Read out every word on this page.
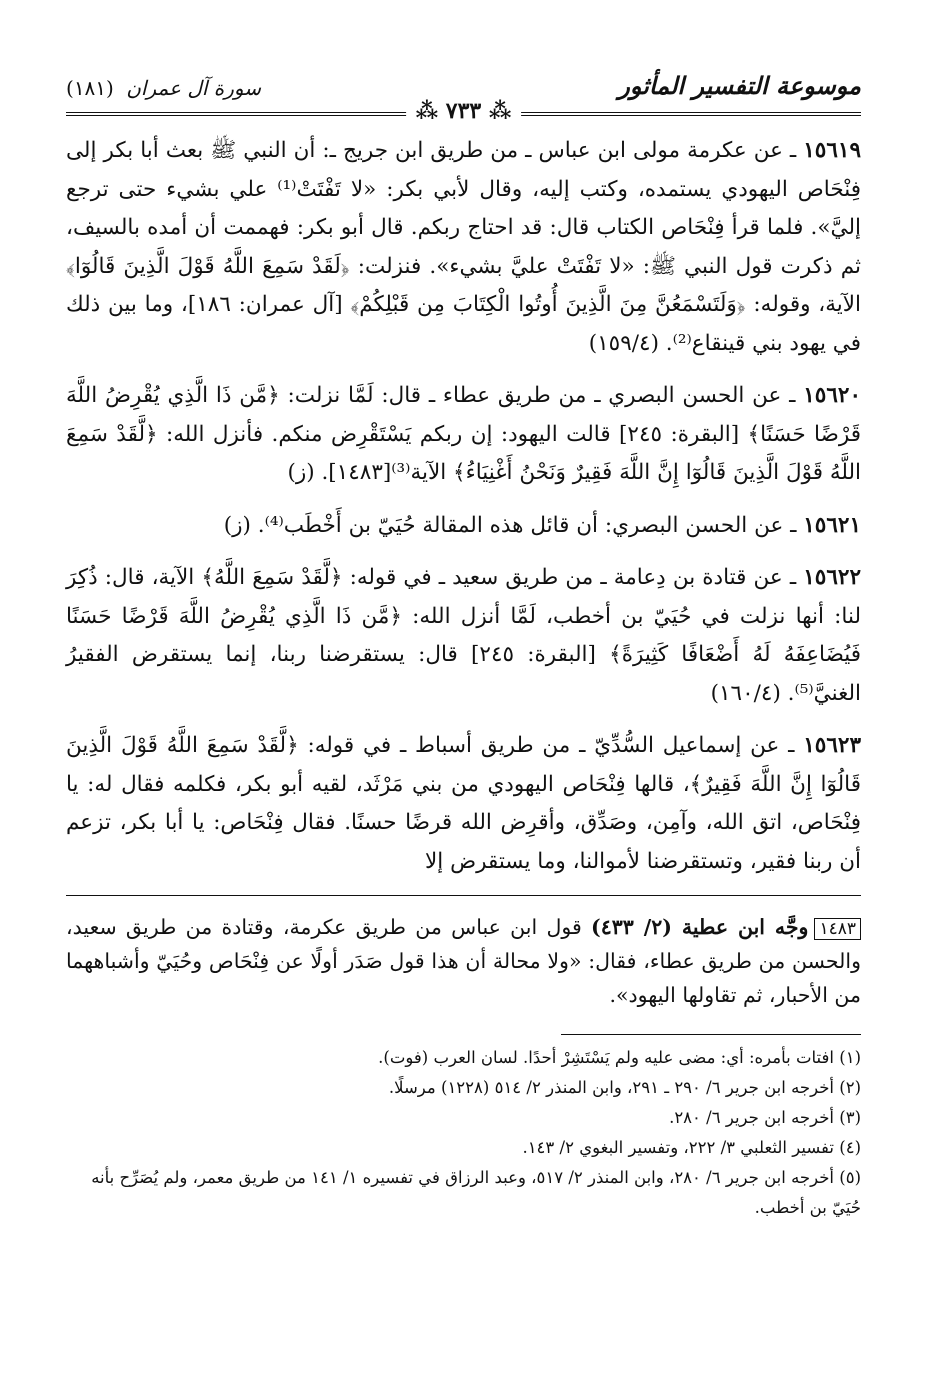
موسوعة التفسير المأثور
سورة آل عمران (١٨١)
⁂ ٧٣٣ ⁂

١٥٦١٩ ـ عن عكرمة مولى ابن عباس ـ من طريق ابن جريج ـ: أن النبي ﷺ بعث أبا بكر إلى فِنْحَاص اليهودي يستمده، وكتب إليه، وقال لأبي بكر: «لا تَفْتَتْ⁽¹⁾ علي بشيء حتى ترجع إليَّ». فلما قرأ فِنْحَاص الكتاب قال: قد احتاج ربكم. قال أبو بكر: فهممت أن أمده بالسيف، ثم ذكرت قول النبي ﷺ: «لا تَفْتَتْ عليَّ بشيء». فنزلت: ﴿لَقَدْ سَمِعَ اللَّهُ قَوْلَ الَّذِينَ قَالُوٓا﴾ الآية، وقوله: ﴿وَلَتَسْمَعُنَّ مِنَ الَّذِينَ أُوتُوا الْكِتَابَ مِن قَبْلِكُمْ﴾ [آل عمران: ١٨٦]، وما بين ذلك في يهود بني قينقاع⁽²⁾. (١٥٩/٤)

١٥٦٢٠ ـ عن الحسن البصري ـ من طريق عطاء ـ قال: لَمَّا نزلت: ﴿مَّن ذَا الَّذِي يُقْرِضُ اللَّهَ قَرْضًا حَسَنًا﴾ [البقرة: ٢٤٥] قالت اليهود: إن ربكم يَسْتَقْرِض منكم. فأنزل الله: ﴿لَّقَدْ سَمِعَ اللَّهُ قَوْلَ الَّذِينَ قَالُوٓا إِنَّ اللَّهَ فَقِيرٌ وَنَحْنُ أَغْنِيَاءُ﴾ الآية⁽³⁾[١٤٨٣]. (ز)

١٥٦٢١ ـ عن الحسن البصري: أن قائل هذه المقالة حُيَيّ بن أَخْطَب⁽⁴⁾. (ز)

١٥٦٢٢ ـ عن قتادة بن دِعامة ـ من طريق سعيد ـ في قوله: ﴿لَّقَدْ سَمِعَ اللَّهُ﴾ الآية، قال: ذُكِرَ لنا: أنها نزلت في حُيَيّ بن أخطب، لَمَّا أنزل الله: ﴿مَّن ذَا الَّذِي يُقْرِضُ اللَّهَ قَرْضًا حَسَنًا فَيُضَاعِفَهُ لَهُ أَضْعَافًا كَثِيرَةً﴾ [البقرة: ٢٤٥] قال: يستقرضنا ربنا، إنما يستقرض الفقيرُ الغنيَّ⁽⁵⁾. (١٦٠/٤)

١٥٦٢٣ ـ عن إسماعيل السُّدِّيّ ـ من طريق أسباط ـ في قوله: ﴿لَّقَدْ سَمِعَ اللَّهُ قَوْلَ الَّذِينَ قَالُوٓا إِنَّ اللَّهَ فَقِيرٌ﴾، قالها فِنْحَاص اليهودي من بني مَرْثَد، لقيه أبو بكر، فكلمه فقال له: يا فِنْحَاص، اتق الله، وآمِن، وصَدِّق، وأقرِض الله قرضًا حسنًا. فقال فِنْحَاص: يا أبا بكر، تزعم أن ربنا فقير، وتستقرضنا لأموالنا، وما يستقرض إلا

١٤٨٣وجَّه ابن عطية (٢/ ٤٣٣) قول ابن عباس من طريق عكرمة، وقتادة من طريق سعيد، والحسن من طريق عطاء، فقال: «ولا محالة أن هذا قول صَدَر أولًا عن فِنْحَاص وحُيَيّ وأشباههما من الأحبار، ثم تقاولها اليهود».

(١) افتات بأمره: أي: مضى عليه ولم يَسْتَشِرْ أحدًا. لسان العرب (فوت).

(٢) أخرجه ابن جرير ٦/ ٢٩٠ ـ ٢٩١، وابن المنذر ٢/ ٥١٤ (١٢٢٨) مرسلًا.

(٣) أخرجه ابن جرير ٦/ ٢٨٠.

(٤) تفسير الثعلبي ٣/ ٢٢٢، وتفسير البغوي ٢/ ١٤٣.

(٥) أخرجه ابن جرير ٦/ ٢٨٠، وابن المنذر ٢/ ٥١٧، وعبد الرزاق في تفسيره ١/ ١٤١ من طريق معمر، ولم يُصَرِّح بأنه حُيَيّ بن أخطب.
